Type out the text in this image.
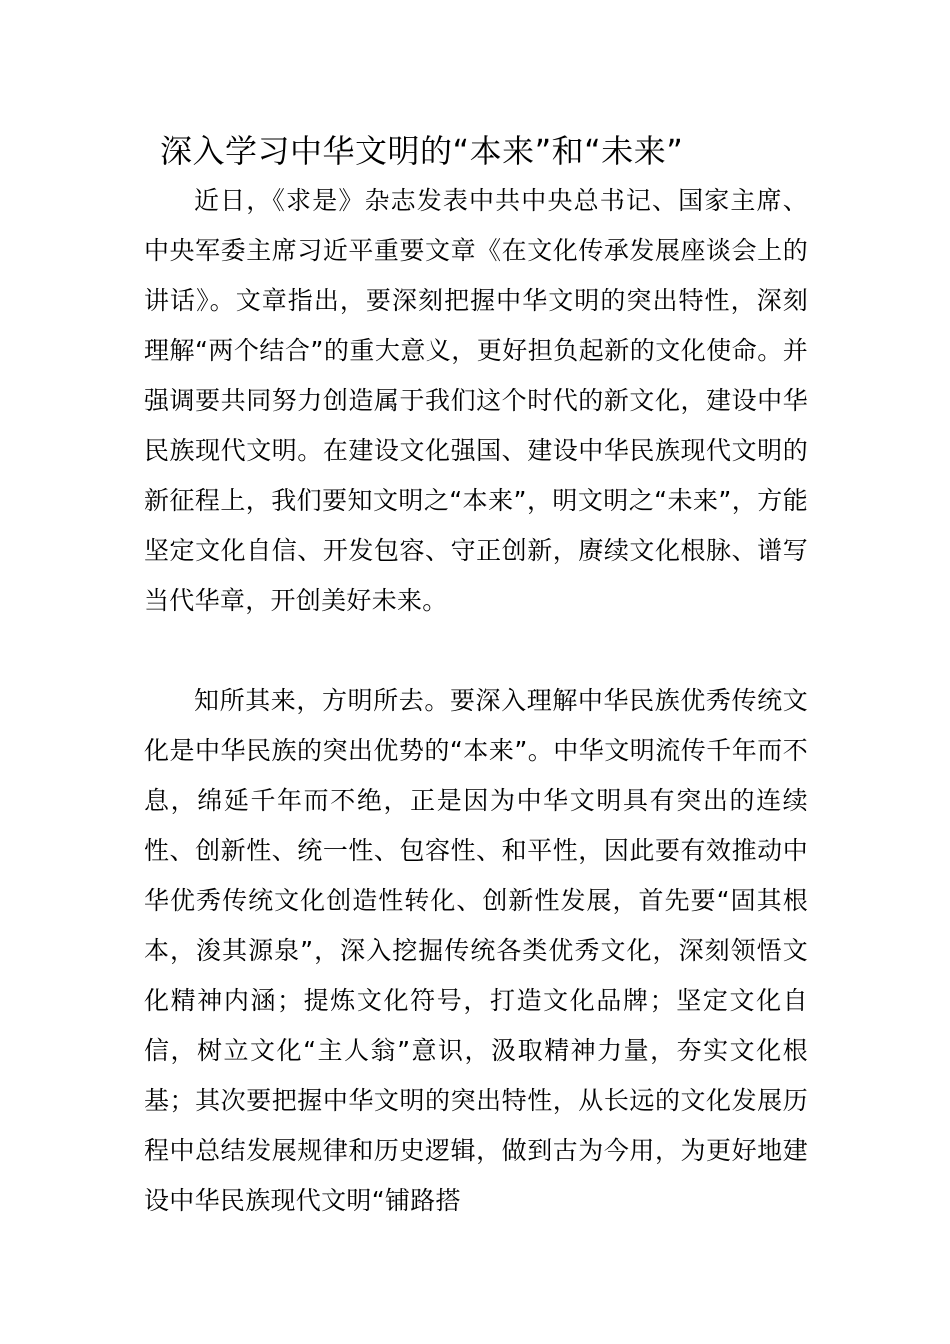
深入学习中华文明的“本来”和“未来”

近日，《求是》杂志发表中共中央总书记、国家主席、中央军委主席习近平重要文章《在文化传承发展座谈会上的讲话》。文章指出，要深刻把握中华文明的突出特性，深刻理解“两个结合”的重大意义，更好担负起新的文化使命。并强调要共同努力创造属于我们这个时代的新文化，建设中华民族现代文明。在建设文化强国、建设中华民族现代文明的新征程上，我们要知文明之“本来”，明文明之“未来”，方能坚定文化自信、开发包容、守正创新，赓续文化根脉、谱写当代华章，开创美好未来。

知所其来，方明所去。要深入理解中华民族优秀传统文化是中华民族的突出优势的“本来”。中华文明流传千年而不息，绵延千年而不绝，正是因为中华文明具有突出的连续性、创新性、统一性、包容性、和平性，因此要有效推动中华优秀传统文化创造性转化、创新性发展，首先要“固其根本，浚其源泉”，深入挖掘传统各类优秀文化，深刻领悟文化精神内涵；提炼文化符号，打造文化品牌；坚定文化自信，树立文化“主人翁”意识，汲取精神力量，夯实文化根基；其次要把握中华文明的突出特性，从长远的文化发展历程中总结发展规律和历史逻辑，做到古为今用，为更好地建设中华民族现代文明“铺路搭
